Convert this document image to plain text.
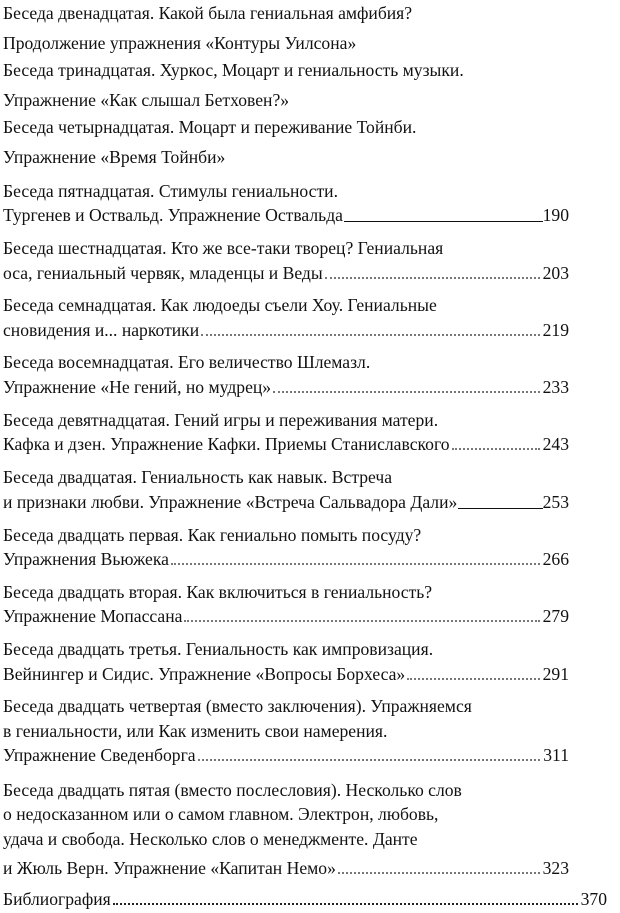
Беседа двенадцатая. Какой была гениальная амфибия?
Продолжение упражнения «Контуры Уилсона»
Беседа тринадцатая. Хуркос, Моцарт и гениальность музыки.
Упражнение «Как слышал Бетховен?»
Беседа четырнадцатая. Моцарт и переживание Тойнби.
Упражнение «Время Тойнби»
Беседа пятнадцатая. Стимулы гениальности.
Тургенев и Оствальд. Упражнение Оствальда	190
Беседа шестнадцатая. Кто же все-таки творец? Гениальная
оса, гениальный червяк, младенцы и Веды	203
Беседа семнадцатая. Как людоеды съели Хоу. Гениальные
сновидения и... наркотики	219
Беседа восемнадцатая. Его величество Шлемазл.
Упражнение «Не гений, но мудрец»	233
Беседа девятнадцатая. Гений игры и переживания матери.
Кафка и дзен. Упражнение Кафки. Приемы Станиславского	243
Беседа двадцатая. Гениальность как навык. Встреча
и признаки любви. Упражнение «Встреча Сальвадора Дали»	253
Беседа двадцать первая. Как гениально помыть посуду?
Упражнения Вьюжека	266
Беседа двадцать вторая. Как включиться в гениальность?
Упражнение Мопассана	279
Беседа двадцать третья. Гениальность как импровизация.
Вейнингер и Сидис. Упражнение «Вопросы Борхеса»	291
Беседа двадцать четвертая (вместо заключения). Упражняемся
в гениальности, или Как изменить свои намерения.
Упражнение Сведенборга	311
Беседа двадцать пятая (вместо послесловия). Несколько слов
о недосказанном или о самом главном. Электрон, любовь,
удача и свобода. Несколько слов о менеджменте. Данте
и Жюль Верн. Упражнение «Капитан Немо»	323
Библиография	370
